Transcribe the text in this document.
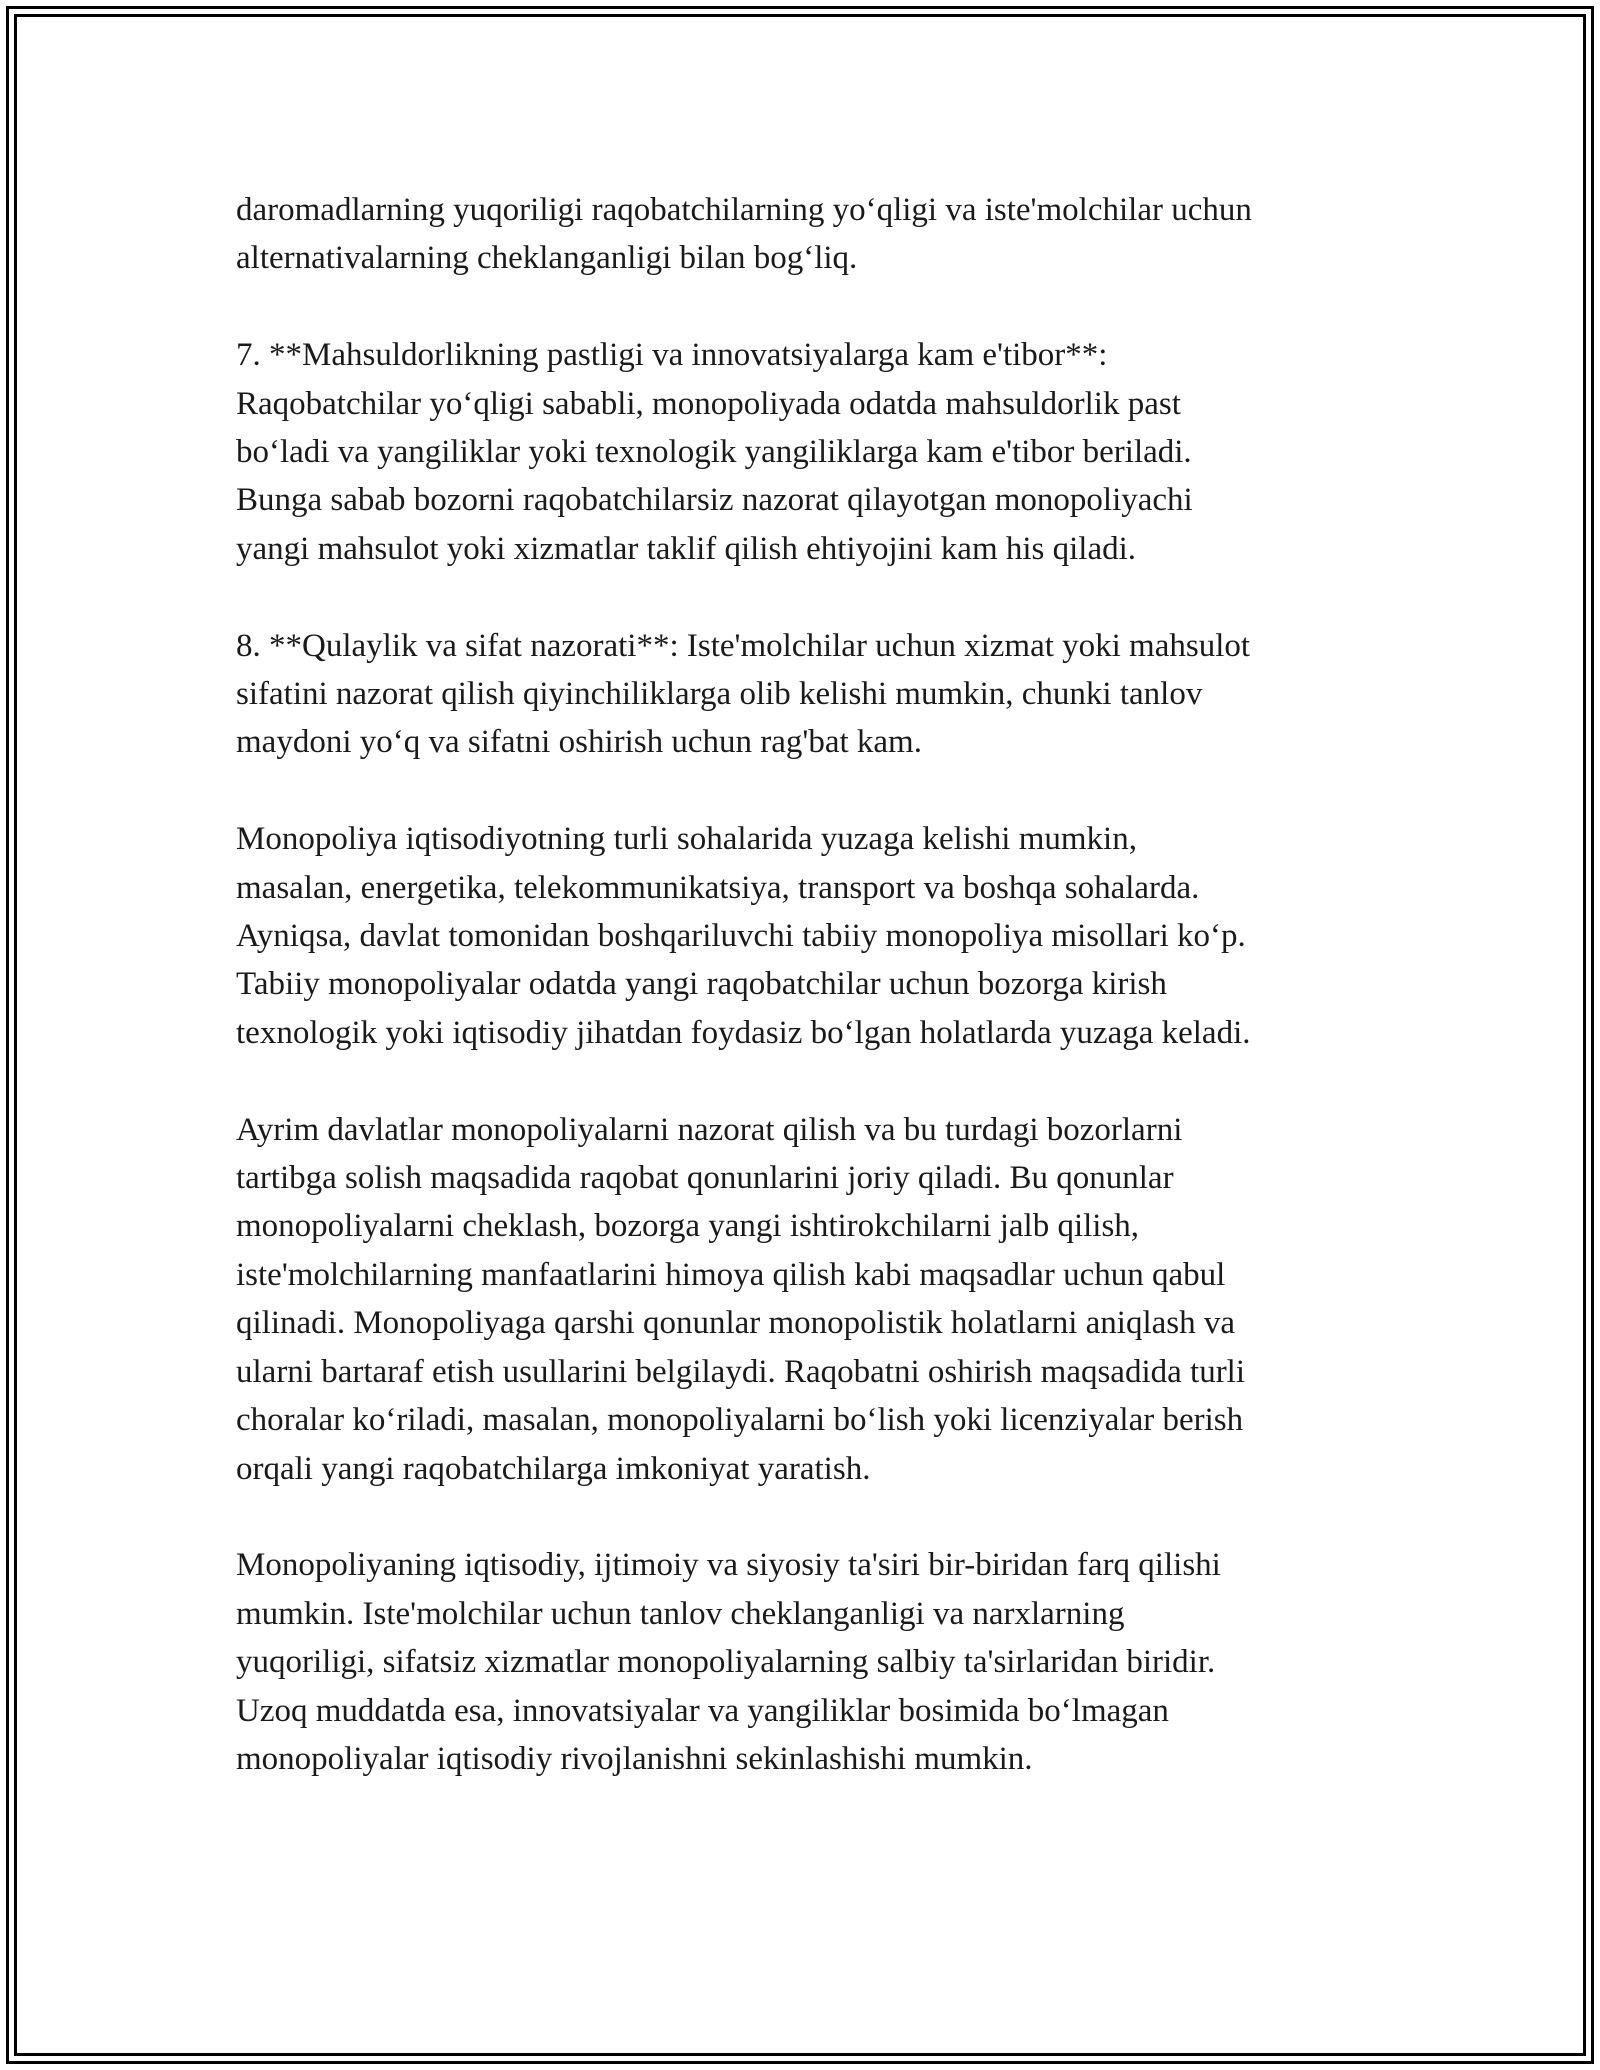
daromadlarning yuqoriligi raqobatchilarning yoʻqligi va iste'molchilar uchun
alternativalarning cheklanganligi bilan bogʻliq.

7. **Mahsuldorlikning pastligi va innovatsiyalarga kam e'tibor**:
Raqobatchilar yoʻqligi sababli, monopoliyada odatda mahsuldorlik past
boʻladi va yangiliklar yoki texnologik yangiliklarga kam e'tibor beriladi.
Bunga sabab bozorni raqobatchilarsiz nazorat qilayotgan monopoliyachi
yangi mahsulot yoki xizmatlar taklif qilish ehtiyojini kam his qiladi.

8. **Qulaylik va sifat nazorati**: Iste'molchilar uchun xizmat yoki mahsulot
sifatini nazorat qilish qiyinchiliklarga olib kelishi mumkin, chunki tanlov
maydoni yoʻq va sifatni oshirish uchun rag'bat kam.

Monopoliya iqtisodiyotning turli sohalarida yuzaga kelishi mumkin,
masalan, energetika, telekommunikatsiya, transport va boshqa sohalarda.
Ayniqsa, davlat tomonidan boshqariluvchi tabiiy monopoliya misollari koʻp.
Tabiiy monopoliyalar odatda yangi raqobatchilar uchun bozorga kirish
texnologik yoki iqtisodiy jihatdan foydasiz boʻlgan holatlarda yuzaga keladi.

Ayrim davlatlar monopoliyalarni nazorat qilish va bu turdagi bozorlarni
tartibga solish maqsadida raqobat qonunlarini joriy qiladi. Bu qonunlar
monopoliyalarni cheklash, bozorga yangi ishtirokchilarni jalb qilish,
iste'molchilarning manfaatlarini himoya qilish kabi maqsadlar uchun qabul
qilinadi. Monopoliyaga qarshi qonunlar monopolistik holatlarni aniqlash va
ularni bartaraf etish usullarini belgilaydi. Raqobatni oshirish maqsadida turli
choralar koʻriladi, masalan, monopoliyalarni boʻlish yoki licenziyalar berish
orqali yangi raqobatchilarga imkoniyat yaratish.

Monopoliyaning iqtisodiy, ijtimoiy va siyosiy ta'siri bir-biridan farq qilishi
mumkin. Iste'molchilar uchun tanlov cheklanganligi va narxlarning
yuqoriligi, sifatsiz xizmatlar monopoliyalarning salbiy ta'sirlaridan biridir.
Uzoq muddatda esa, innovatsiyalar va yangiliklar bosimida boʻlmagan
monopoliyalar iqtisodiy rivojlanishni sekinlashishi mumkin.
